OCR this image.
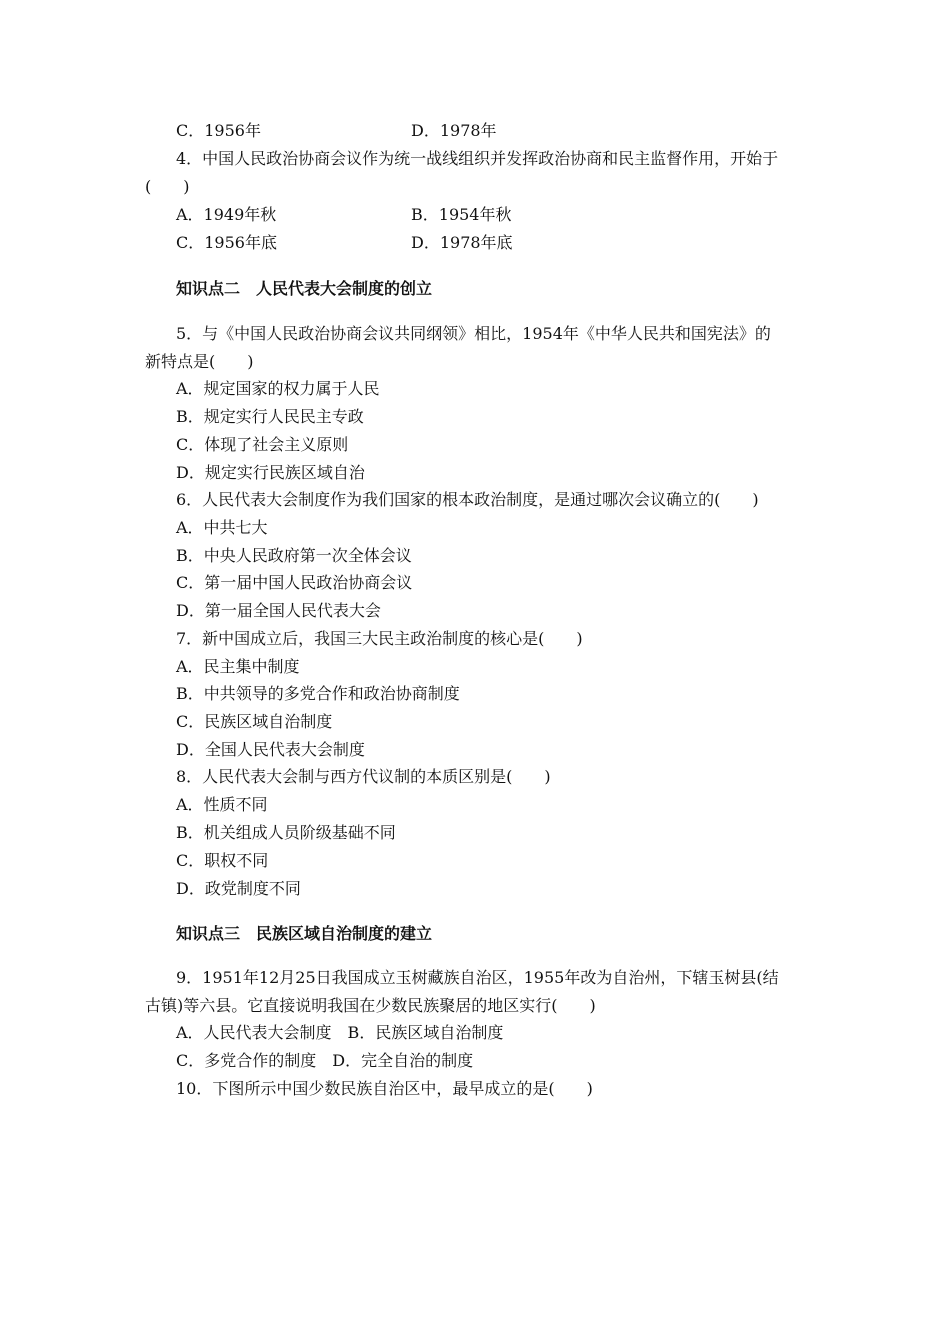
C．1956年	D．1978年
4．中国人民政治协商会议作为统一战线组织并发挥政治协商和民主监督作用，开始于
(　　)
A．1949年秋	B．1954年秋
C．1956年底	D．1978年底
知识点二　人民代表大会制度的创立
5．与《中国人民政治协商会议共同纲领》相比，1954年《中华人民共和国宪法》的
新特点是(　　)
A．规定国家的权力属于人民
B．规定实行人民民主专政
C．体现了社会主义原则
D．规定实行民族区域自治
6．人民代表大会制度作为我们国家的根本政治制度，是通过哪次会议确立的(　　)
A．中共七大
B．中央人民政府第一次全体会议
C．第一届中国人民政治协商会议
D．第一届全国人民代表大会
7．新中国成立后，我国三大民主政治制度的核心是(　　)
A．民主集中制度
B．中共领导的多党合作和政治协商制度
C．民族区域自治制度
D．全国人民代表大会制度
8．人民代表大会制与西方代议制的本质区别是(　　)
A．性质不同
B．机关组成人员阶级基础不同
C．职权不同
D．政党制度不同
知识点三　民族区域自治制度的建立
9．1951年12月25日我国成立玉树藏族自治区，1955年改为自治州，下辖玉树县(结
古镇)等六县。它直接说明我国在少数民族聚居的地区实行(　　)
A．人民代表大会制度　B．民族区域自治制度
C．多党合作的制度　D．完全自治的制度
10．下图所示中国少数民族自治区中，最早成立的是(　　)
